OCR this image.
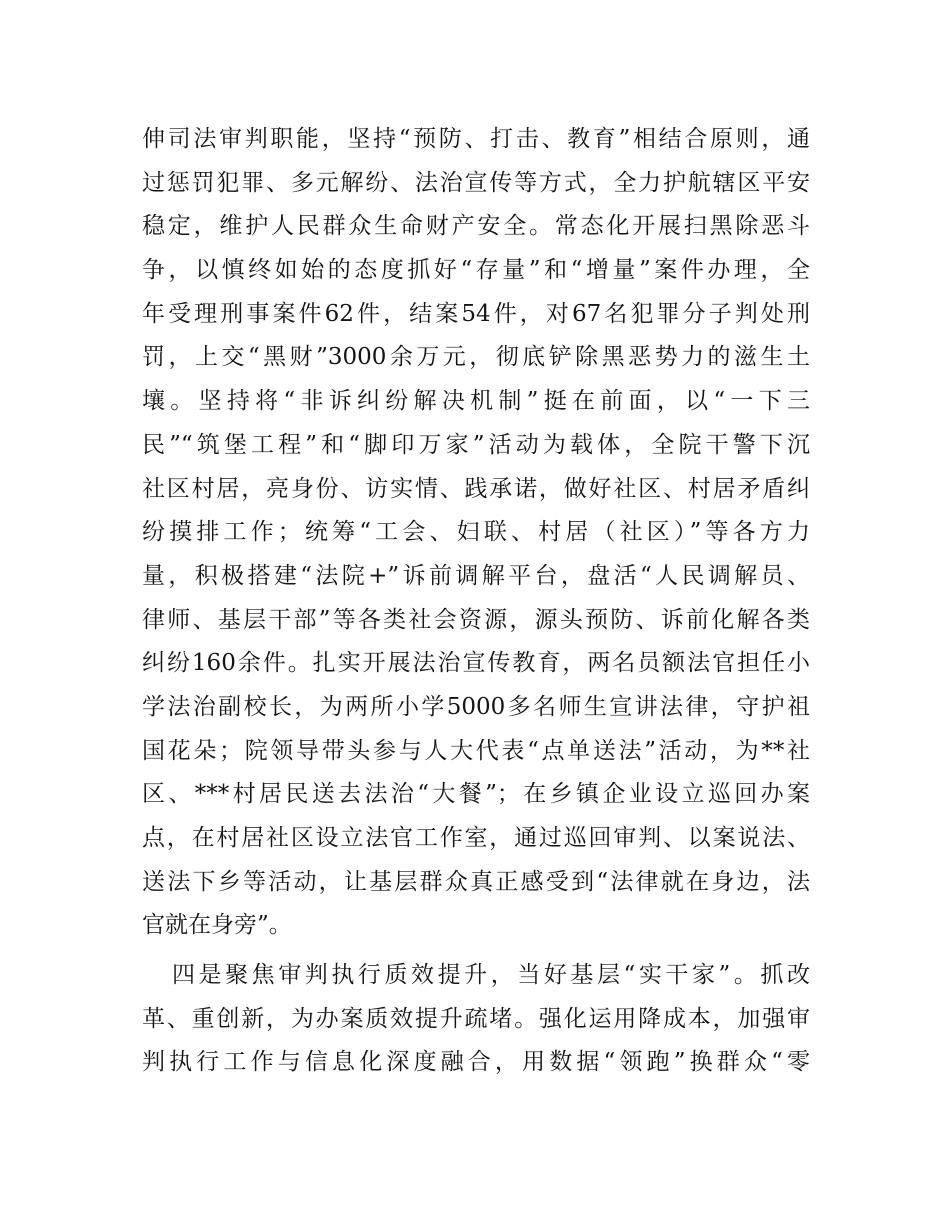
伸司法审判职能，坚持“预防、打击、教育”相结合原则，通
过惩罚犯罪、多元解纷、法治宣传等方式，全力护航辖区平安
稳定，维护人民群众生命财产安全。常态化开展扫黑除恶斗
争，以慎终如始的态度抓好“存量”和“增量”案件办理，全
年受理刑事案件62件，结案54件，对67名犯罪分子判处刑
罚，上交“黑财”3000余万元，彻底铲除黑恶势力的滋生土
壤。坚持将“非诉纠纷解决机制”挺在前面，以“一下三
民”“筑堡工程”和“脚印万家”活动为载体，全院干警下沉
社区村居，亮身份、访实情、践承诺，做好社区、村居矛盾纠
纷摸排工作；统筹“工会、妇联、村居（社区）”等各方力
量，积极搭建“法院+”诉前调解平台，盘活“人民调解员、
律师、基层干部”等各类社会资源，源头预防、诉前化解各类
纠纷160余件。扎实开展法治宣传教育，两名员额法官担任小
学法治副校长，为两所小学5000多名师生宣讲法律，守护祖
国花朵；院领导带头参与人大代表“点单送法”活动，为**社
区、***村居民送去法治“大餐”；在乡镇企业设立巡回办案
点，在村居社区设立法官工作室，通过巡回审判、以案说法、
送法下乡等活动，让基层群众真正感受到“法律就在身边，法
官就在身旁”。
四是聚焦审判执行质效提升，当好基层“实干家”。抓改
革、重创新，为办案质效提升疏堵。强化运用降成本，加强审
判执行工作与信息化深度融合，用数据“领跑”换群众“零
